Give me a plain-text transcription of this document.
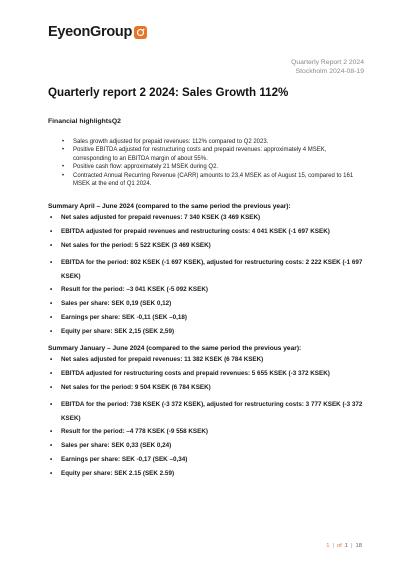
EyeonGroup
Quarterly Report 2 2024
Stockholm 2024-08-19
Quarterly report 2 2024: Sales Growth 112%
Financial highlightsQ2
• Sales growth adjusted for prepaid revenues: 112% compared to Q2 2023.
• Positive EBITDA adjusted for restructuring costs and prepaid revenues: approximately 4 MSEK, corresponding to an EBITDA margin of about 55%.
• Positive cash flow: approximately 21 MSEK during Q2.
• Contracted Annual Recurring Revenue (CARR) amounts to 23,4 MSEK as of August 15, compared to 161 MSEK at the end of Q1 2024.
Summary April – June 2024 (compared to the same period the previous year):
• Net sales adjusted for prepaid revenues: 7 340 KSEK (3 469 KSEK)
• EBITDA adjusted for prepaid revenues and restructuring costs: 4 041 KSEK (-1 697 KSEK)
• Net sales for the period: 5 522 KSEK (3 469 KSEK)
• EBITDA for the period: 802 KSEK (-1 697 KSEK), adjusted for restructuring costs: 2 222 KSEK (-1 697 KSEK)
• Result for the period: –3 041 KSEK (-5 092 KSEK)
• Sales per share: SEK 0,19 (SEK 0,12)
• Earnings per share: SEK -0,11 (SEK –0,18)
• Equity per share: SEK 2,15 (SEK 2,59)
Summary January – June 2024 (compared to the same period the previous year):
• Net sales adjusted for prepaid revenues: 11 382 KSEK (6 784 KSEK)
• EBITDA adjusted for restructuring costs and prepaid revenues: 5 655 KSEK (-3 372 KSEK)
• Net sales for the period: 9 504 KSEK (6 784 KSEK)
• EBITDA for the period: 738 KSEK (-3 372 KSEK), adjusted for restructuring costs: 3 777 KSEK (-3 372 KSEK)
• Result for the period: –4 778 KSEK (-9 558 KSEK)
• Sales per share: SEK 0,33 (SEK 0,24)
• Earnings per share: SEK -0,17 (SEK –0,34)
• Equity per share: SEK 2.15 (SEK 2.59)
1 | of 1 | 18
